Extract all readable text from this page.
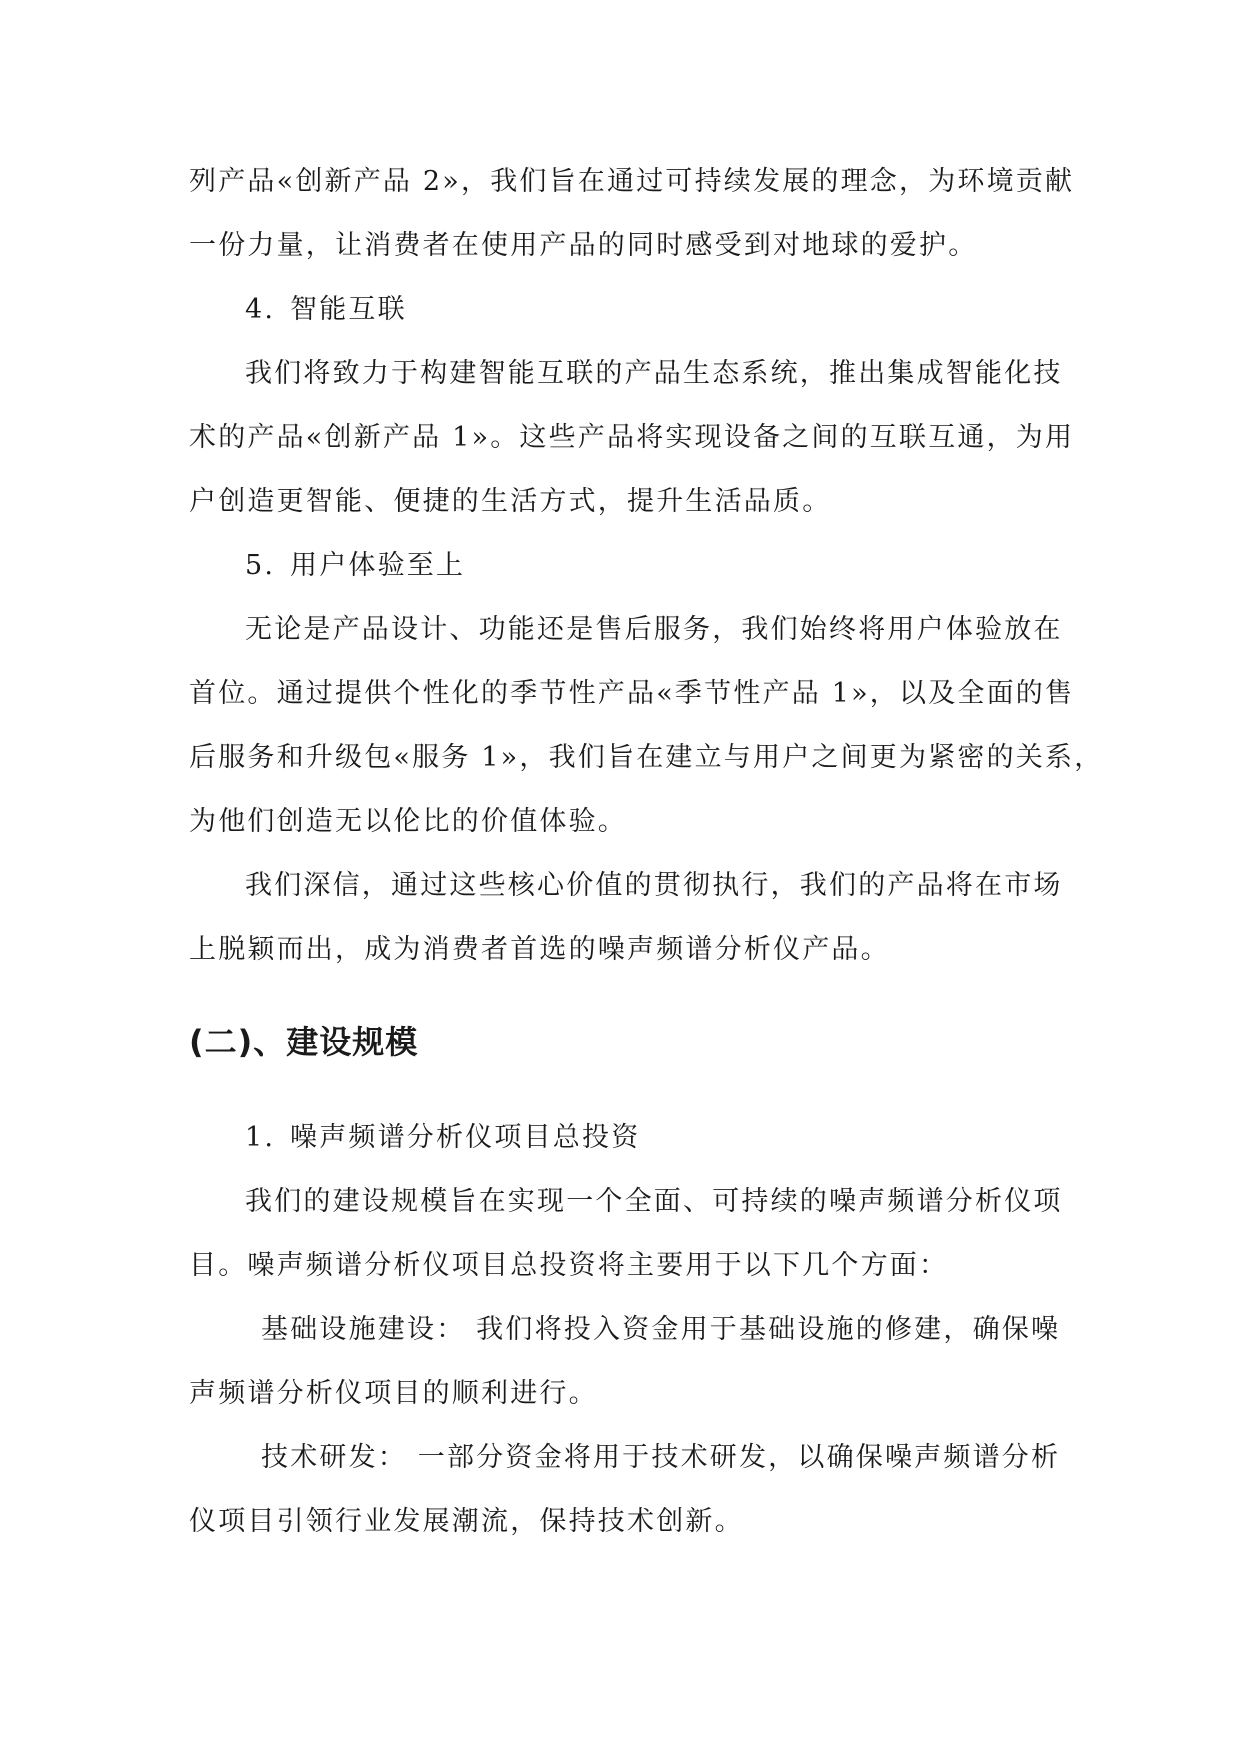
列产品«创新产品 2»，我们旨在通过可持续发展的理念，为环境贡献

一份力量，让消费者在使用产品的同时感受到对地球的爱护。

4. 智能互联

我们将致力于构建智能互联的产品生态系统，推出集成智能化技

术的产品«创新产品 1»。这些产品将实现设备之间的互联互通，为用

户创造更智能、便捷的生活方式，提升生活品质。

5. 用户体验至上

无论是产品设计、功能还是售后服务，我们始终将用户体验放在

首位。通过提供个性化的季节性产品«季节性产品 1»，以及全面的售

后服务和升级包«服务 1»，我们旨在建立与用户之间更为紧密的关系，

为他们创造无以伦比的价值体验。

我们深信，通过这些核心价值的贯彻执行，我们的产品将在市场

上脱颖而出，成为消费者首选的噪声频谱分析仪产品。

(二)、建设规模

1. 噪声频谱分析仪项目总投资

我们的建设规模旨在实现一个全面、可持续的噪声频谱分析仪项

目。噪声频谱分析仪项目总投资将主要用于以下几个方面：

基础设施建设： 我们将投入资金用于基础设施的修建，确保噪

声频谱分析仪项目的顺利进行。

技术研发： 一部分资金将用于技术研发，以确保噪声频谱分析

仪项目引领行业发展潮流，保持技术创新。
